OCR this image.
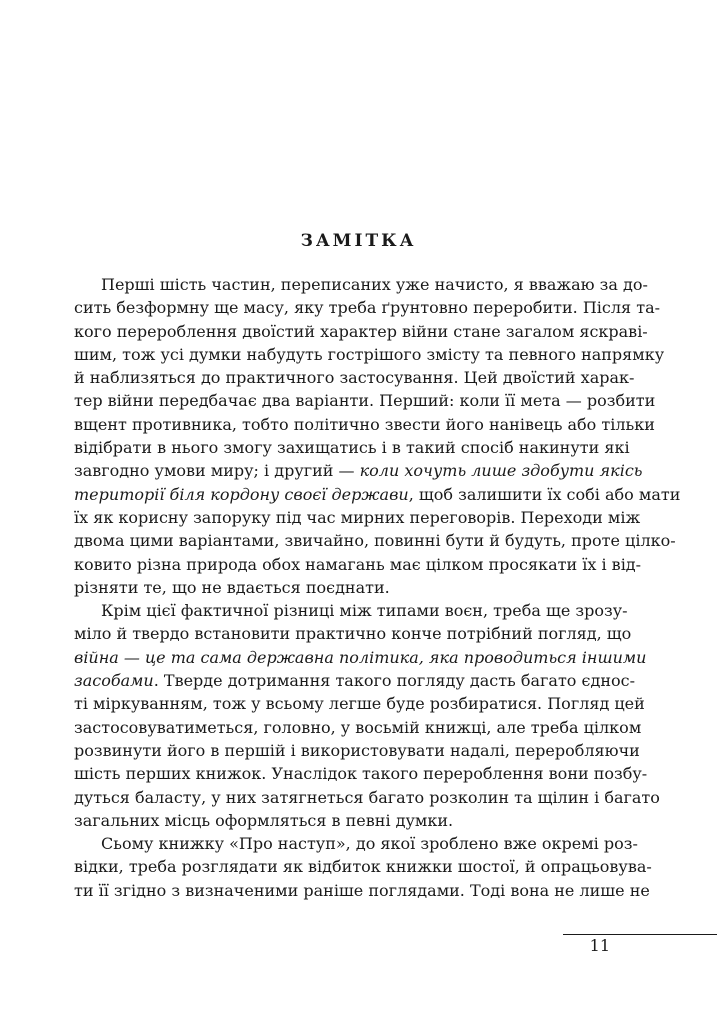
ЗАМІТКА
Перші шість частин, переписаних уже начисто, я вважаю за до-
сить безформну ще масу, яку треба ґрунтовно переробити. Після та-
кого перероблення двоїстий характер війни стане загалом яскраві-
шим, тож усі думки набудуть гострішого змісту та певного напрямку
й наблизяться до практичного застосування. Цей двоїстий харак-
тер війни передбачає два варіанти. Перший: коли її мета — розбити
вщент противника, тобто політично звести його нанівець або тільки
відібрати в нього змогу захищатись і в такий спосіб накинути які
завгодно умови миру; і другий — коли хочуть лише здобути якісь
території біля кордону своєї держави, щоб залишити їх собі або мати
їх як корисну запоруку під час мирних переговорів. Переходи між
двома цими варіантами, звичайно, повинні бути й будуть, проте цілко-
ковито різна природа обох намагань має цілком просякати їх і від-
різняти те, що не вдається поєднати.
Крім цієї фактичної різниці між типами воєн, треба ще зрозу-
міло й твердо встановити практично конче потрібний погляд, що
війна — це та сама державна політика, яка проводиться іншими
засобами. Тверде дотримання такого погляду дасть багато єднос-
ті міркуванням, тож у всьому легше буде розбиратися. Погляд цей
застосовуватиметься, головно, у восьмій книжці, але треба цілком
розвинути його в першій і використовувати надалі, переробляючи
шість перших книжок. Унаслідок такого перероблення вони позбу-
дуться баласту, у них затягнеться багато розколин та щілин і багато
загальних місць оформляться в певні думки.
Сьому книжку «Про наступ», до якої зроблено вже окремі роз-
відки, треба розглядати як відбиток книжки шостої, й опрацьовува-
ти її згідно з визначеними раніше поглядами. Тоді вона не лише не
11
